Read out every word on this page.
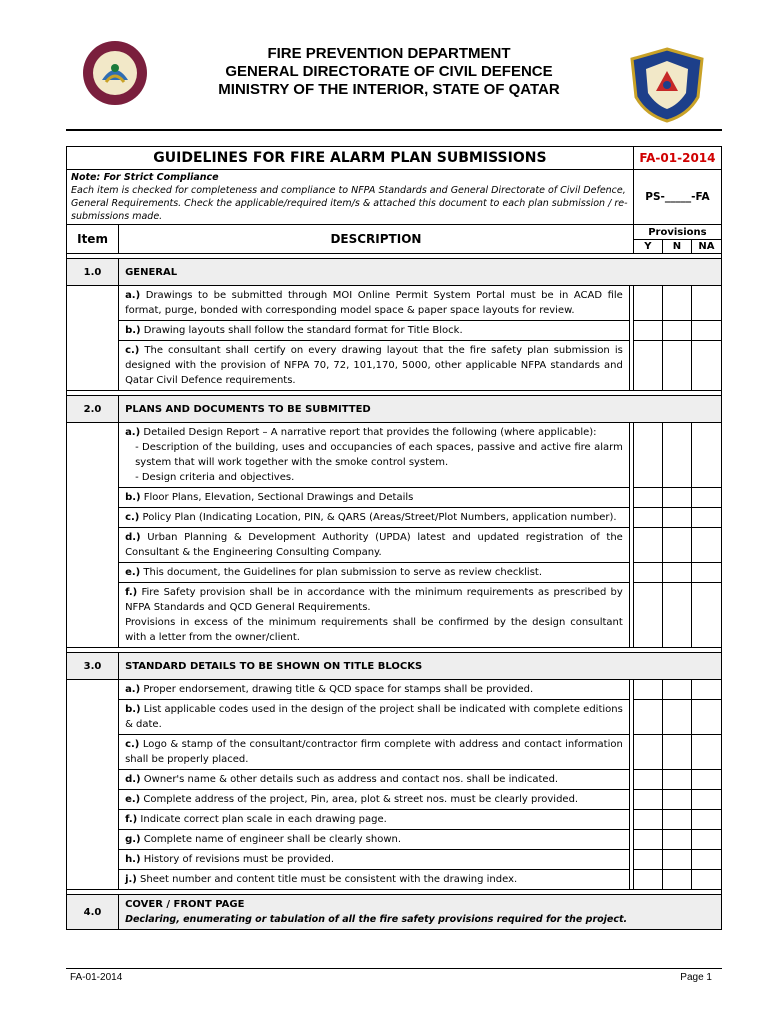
FIRE PREVENTION DEPARTMENT
GENERAL DIRECTORATE OF CIVIL DEFENCE
MINISTRY OF THE INTERIOR, STATE OF QATAR
GUIDELINES FOR FIRE ALARM PLAN SUBMISSIONS			FA-01-2014		
Note: For Strict Compliance
Each item is checked for completeness and compliance to NFPA Standards and General Directorate of Civil Defence, General Requirements. Check the applicable/required item/s & attached this document to each plan submission / re-submissions made.			PS-_____-FA		
Item	DESCRIPTION		Provisions		
			Y	N	NA

1.0	GENERAL				
	a.) Drawings to be submitted through MOI Online Permit System Portal must be in ACAD file format, purge, bonded with corresponding model space & paper space layouts for review.				
	b.) Drawing layouts shall follow the standard format for Title Block.				
	c.) The consultant shall certify on every drawing layout that the fire safety plan submission is designed with the provision of NFPA 70, 72, 101,170, 5000, other applicable NFPA standards and Qatar Civil Defence requirements.				

2.0	PLANS AND DOCUMENTS TO BE SUBMITTED				
	a.) Detailed Design Report – A narrative report that provides the following (where applicable):
- Description of the building, uses and occupancies of each spaces, passive and active fire alarm system that will work together with the smoke control system.
- Design criteria and objectives.				

	b.) Floor Plans, Elevation, Sectional Drawings and Details				
	c.) Policy Plan (Indicating Location, PIN, & QARS (Areas/Street/Plot Numbers, application number).				
	d.) Urban Planning & Development Authority (UPDA) latest and updated registration of the Consultant & the Engineering Consulting Company.				
	e.) This document, the Guidelines for plan submission to serve as review checklist.				
	f.) Fire Safety provision shall be in accordance with the minimum requirements as prescribed by NFPA Standards and QCD General Requirements.
Provisions in excess of the minimum requirements shall be confirmed by the design consultant with a letter from the owner/client.				

3.0	STANDARD DETAILS TO BE SHOWN ON TITLE BLOCKS				
	a.) Proper endorsement, drawing title & QCD space for stamps shall be provided.				
	b.) List applicable codes used in the design of the project shall be indicated with complete editions & date.				
	c.) Logo & stamp of the consultant/contractor firm complete with address and contact information shall be properly placed.				
	d.) Owner's name & other details such as address and contact nos. shall be indicated.				
	e.) Complete address of the project, Pin, area, plot & street nos. must be clearly provided.				
	f.) Indicate correct plan scale in each drawing page.				
	g.) Complete name of engineer shall be clearly shown.				
	h.) History of revisions must be provided.				
	j.) Sheet number and content title must be consistent with the drawing index.				

4.0	COVER / FRONT PAGE
Declaring, enumerating or tabulation of all the fire safety provisions required for the project.				
FA-01-2014	Page 1
